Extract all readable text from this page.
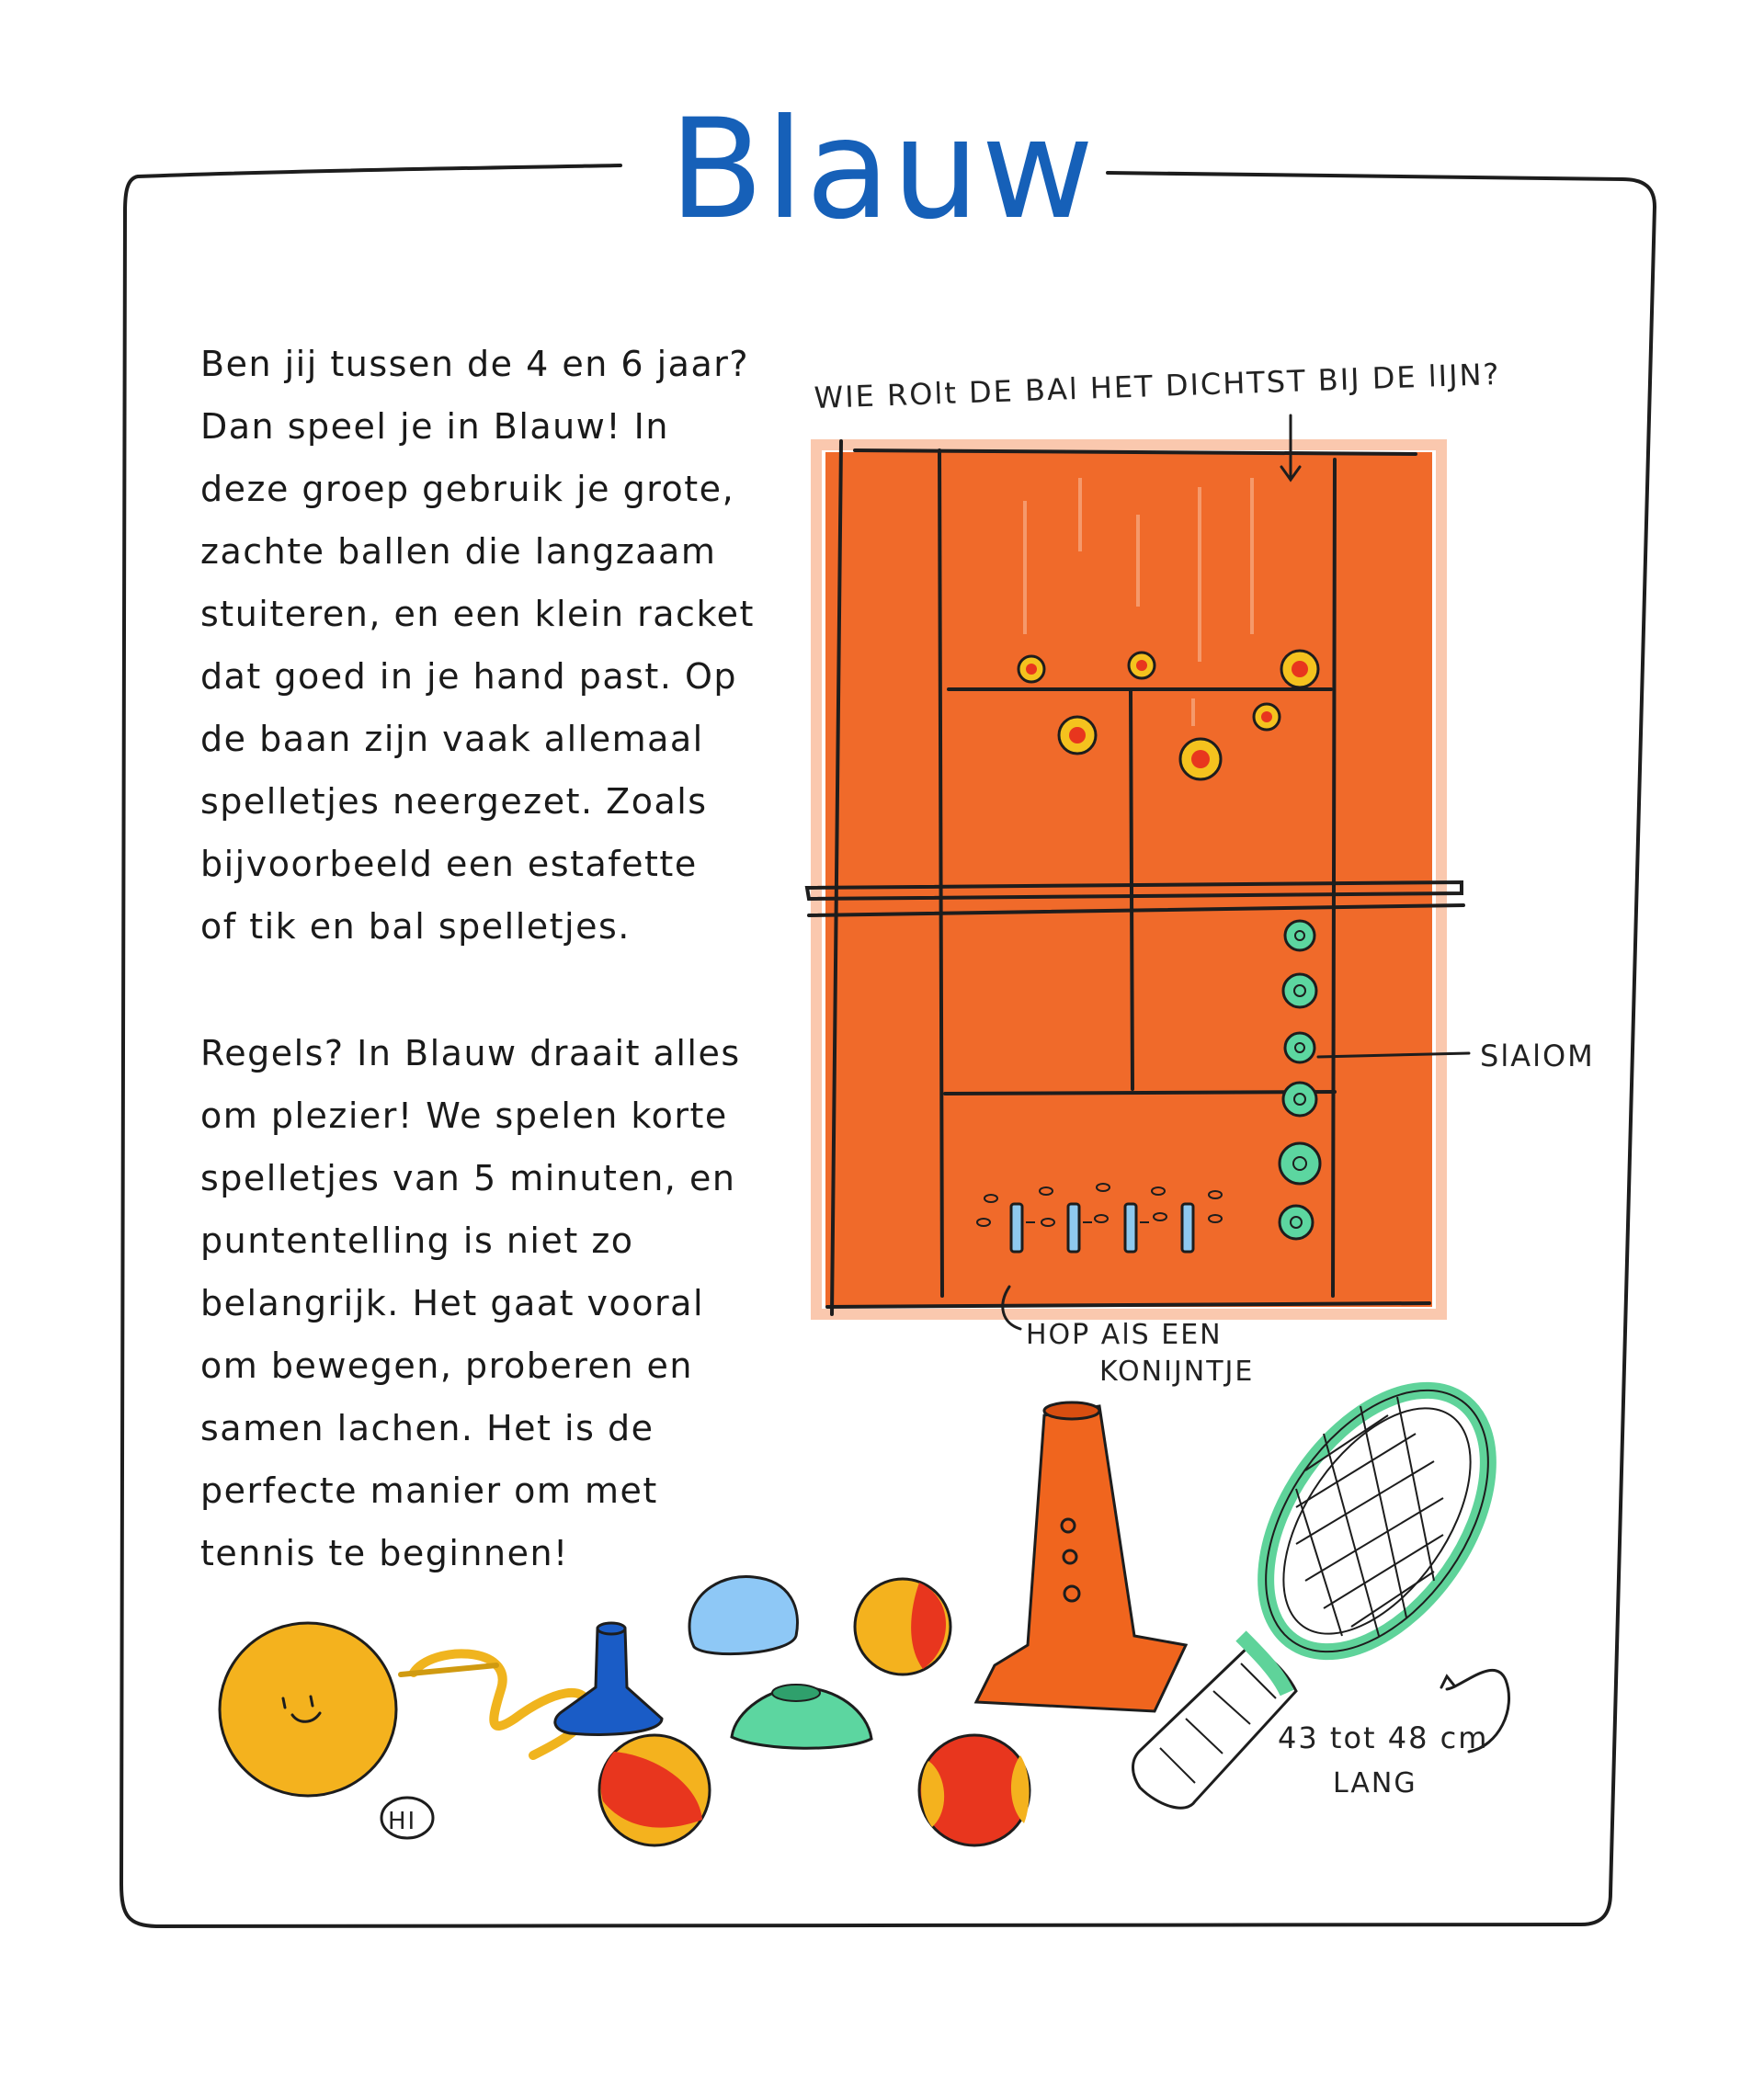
WIE ROlt DE BAl HET DICHTST BIJ DE lIJN?
SlAlOM
HOP AlS EEN
KONIJNTJE
43 tot 48 cm
LANG
HI
Blauw
Ben jij tussen de 4 en 6 jaar?
Dan speel je in Blauw! In
deze groep gebruik je grote,
zachte ballen die langzaam
stuiteren, en een klein racket
dat goed in je hand past. Op
de baan zijn vaak allemaal
spelletjes neergezet. Zoals
bijvoorbeeld een estafette
of tik en bal spelletjes.
Regels? In Blauw draait alles
om plezier! We spelen korte
spelletjes van 5 minuten, en
puntentelling is niet zo
belangrijk. Het gaat vooral
om bewegen, proberen en
samen lachen. Het is de
perfecte manier om met
tennis te beginnen!
